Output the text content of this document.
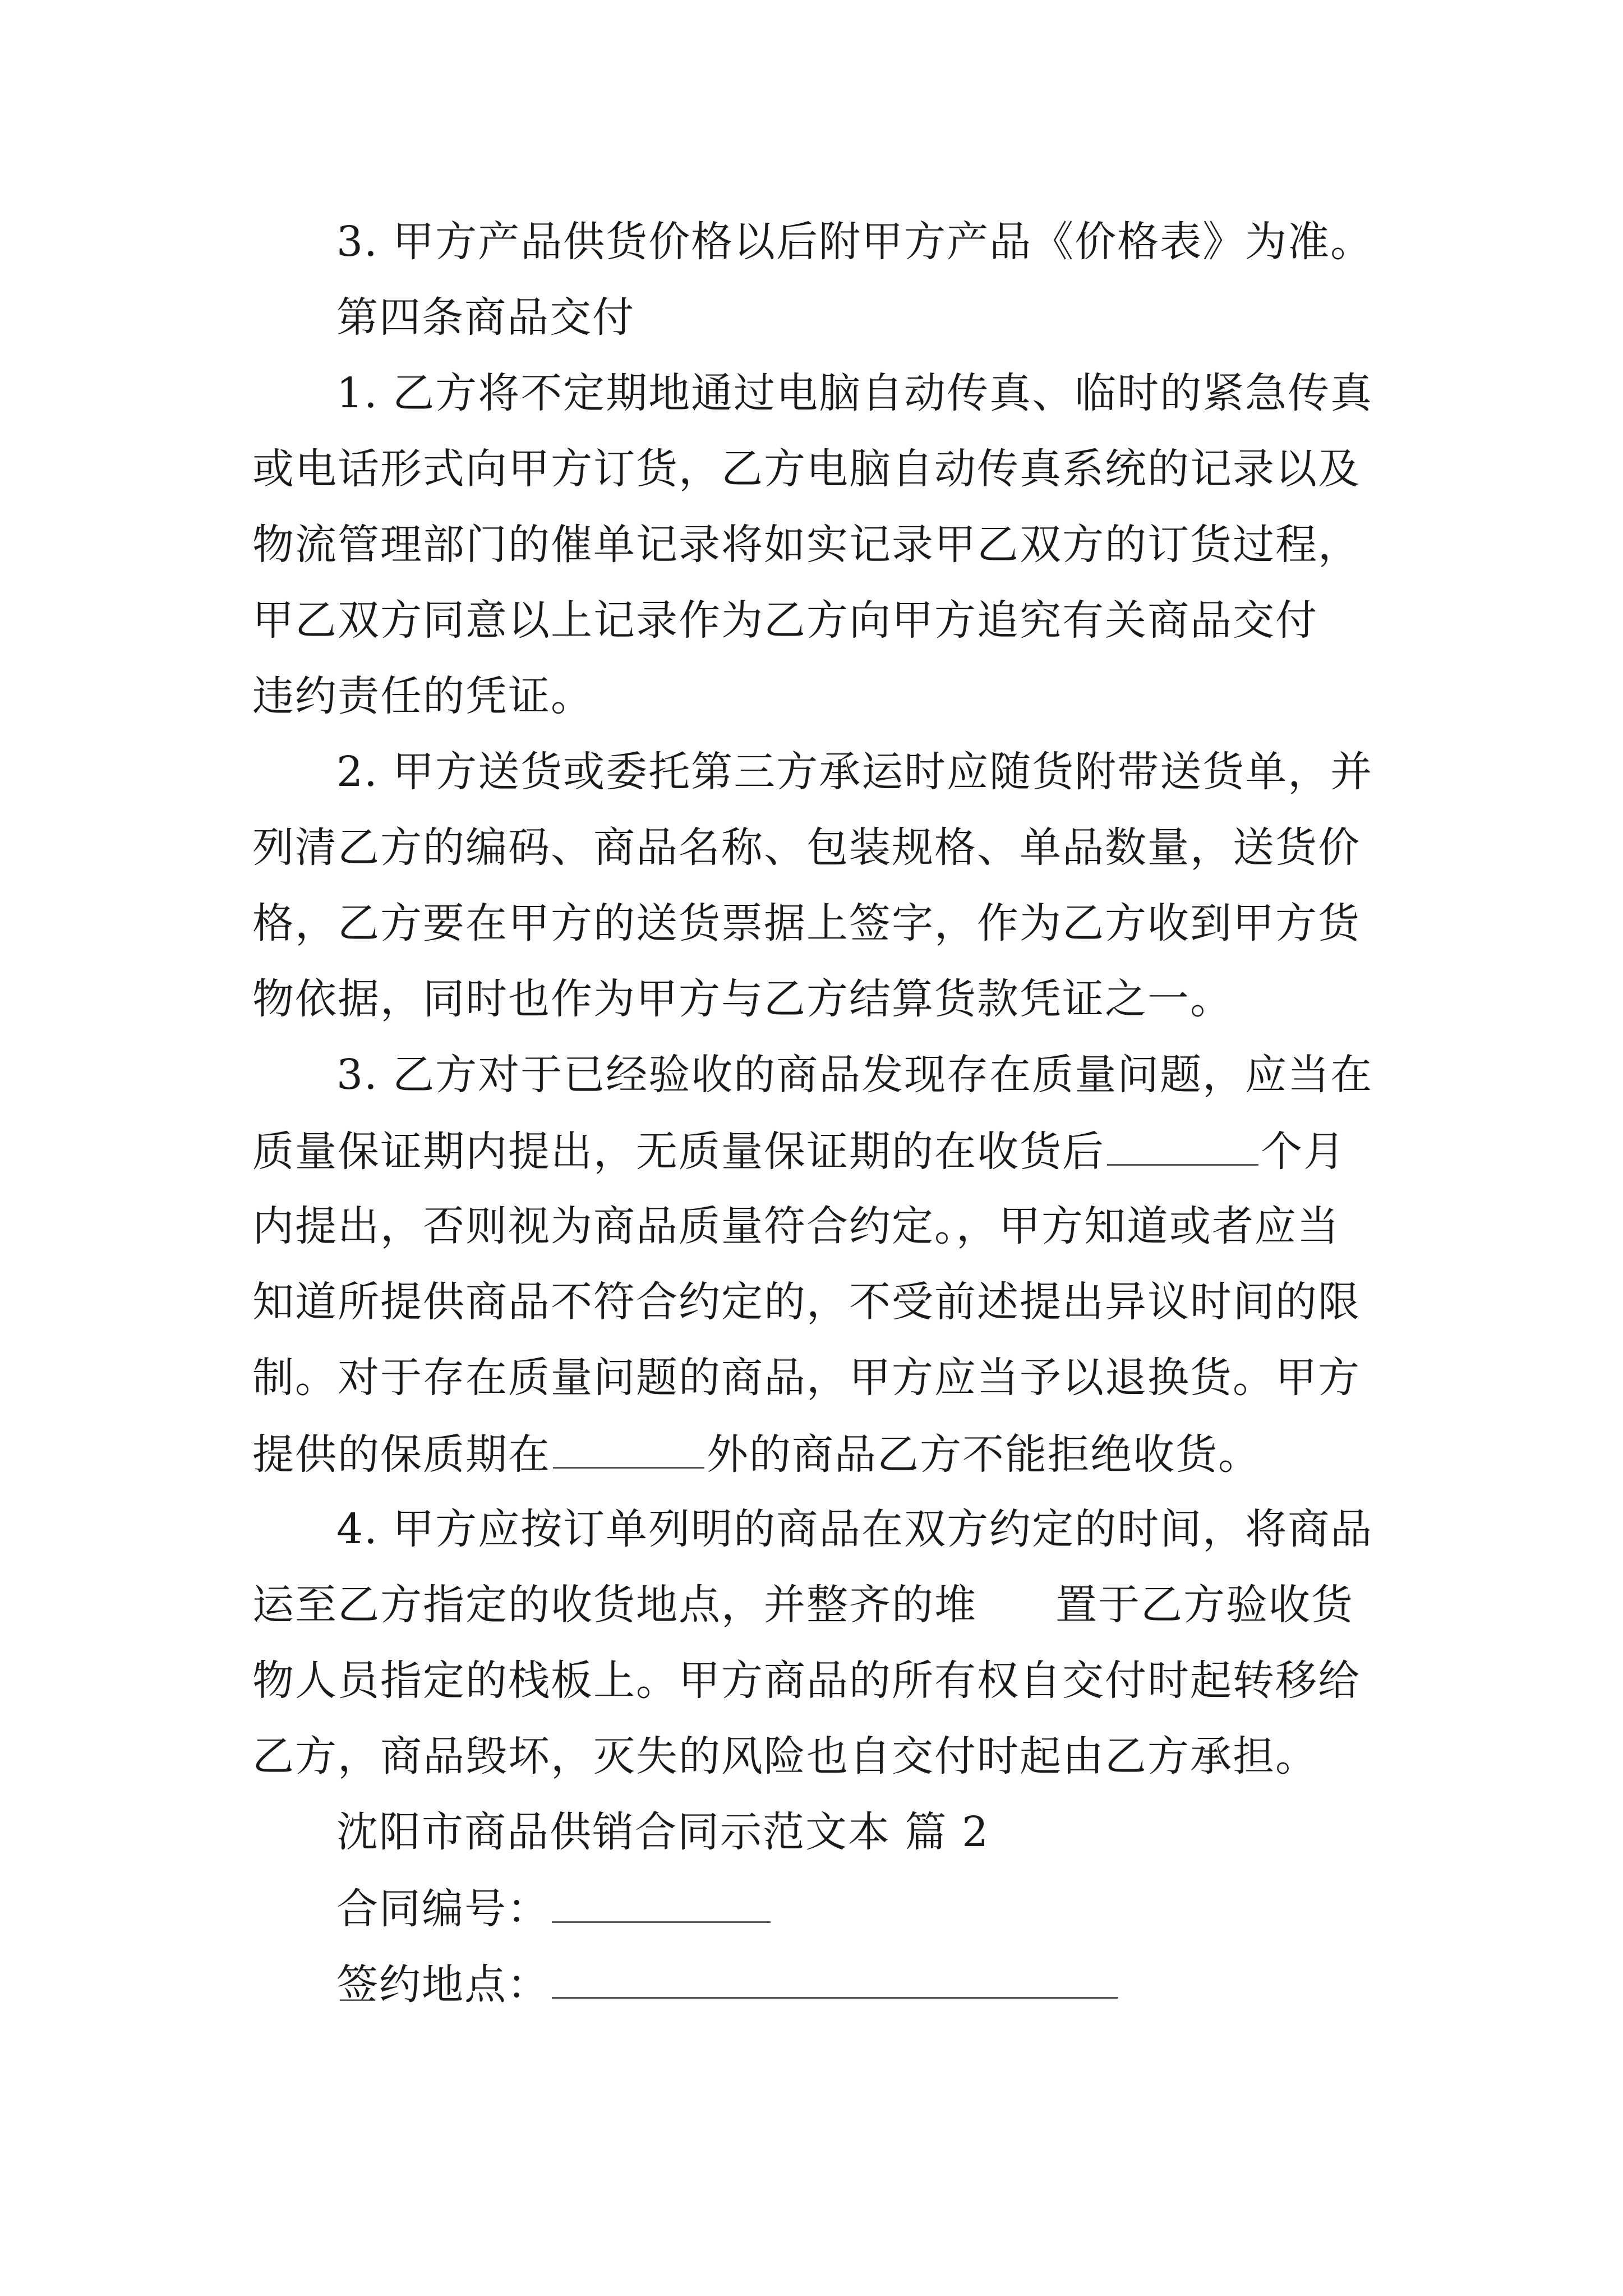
3. 甲方产品供货价格以后附甲方产品《价格表》为准。
第四条商品交付
1. 乙方将不定期地通过电脑自动传真、临时的紧急传真
或电话形式向甲方订货，乙方电脑自动传真系统的记录以及
物流管理部门的催单记录将如实记录甲乙双方的订货过程，
甲乙双方同意以上记录作为乙方向甲方追究有关商品交付
违约责任的凭证。
2. 甲方送货或委托第三方承运时应随货附带送货单，并
列清乙方的编码、商品名称、包装规格、单品数量，送货价
格，乙方要在甲方的送货票据上签字，作为乙方收到甲方货
物依据，同时也作为甲方与乙方结算货款凭证之一。
3. 乙方对于已经验收的商品发现存在质量问题，应当在
质量保证期内提出，无质量保证期的在收货后	个月
内提出，否则视为商品质量符合约定。，甲方知道或者应当
知道所提供商品不符合约定的，不受前述提出异议时间的限
制。对于存在质量问题的商品，甲方应当予以退换货。甲方
提供的保质期在	外的商品乙方不能拒绝收货。
4. 甲方应按订单列明的商品在双方约定的时间，将商品
运至乙方指定的收货地点，并整齐的堆 置于乙方验收货
物人员指定的栈板上。甲方商品的所有权自交付时起转移给
乙方，商品毁坏，灭失的风险也自交付时起由乙方承担。
沈阳市商品供销合同示范文本 篇 2
合同编号：
签约地点：
